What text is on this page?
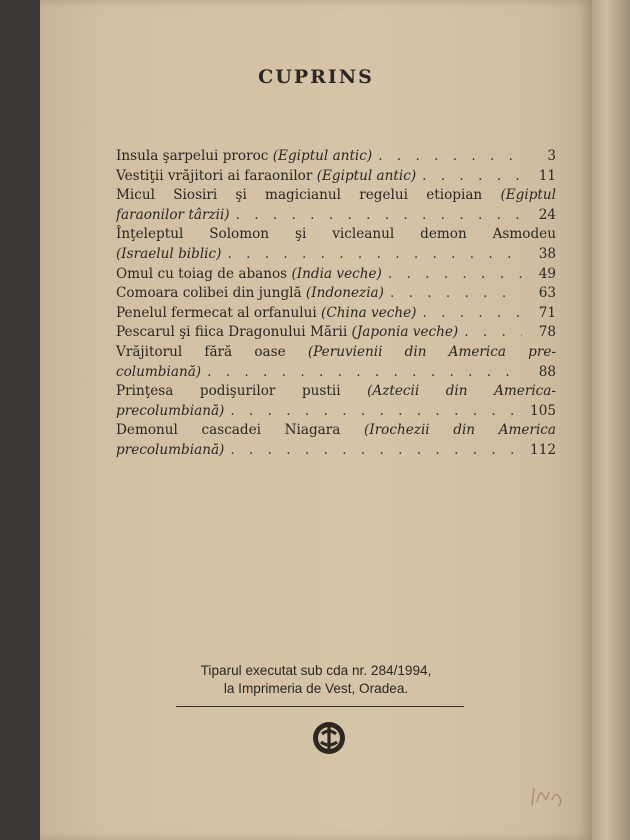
CUPRINS
Insula şarpelui proroc (Egiptul antic) . . .	3
Vestiţii vrăjitori ai faraonilor (Egiptul antic) . . .	11
Micul Siosiri şi magicianul regelui etiopian (Egiptul
faraonilor târzii) . . .	24
Înţeleptul Solomon şi vicleanul demon Asmodeu
(Israelul biblic) . . .	38
Omul cu toiag de abanos (India veche) . . .	49
Comoara colibei din junglă (Indonezia) . . .	63
Penelul fermecat al orfanului (China veche) . . .	71
Pescarul şi fiica Dragonului Mării (Japonia veche) . . .	78
Vrăjitorul fără oase (Peruvienii din America pre-
columbiană) . . .	88
Prinţesa podişurilor pustii (Aztecii din America-
precolumbiană) . . .	105
Demonul cascadei Niagara (Irochezii din America
precolumbiană) . . .	112
Tiparul executat sub cda nr. 284/1994,
la Imprimeria de Vest, Oradea.
